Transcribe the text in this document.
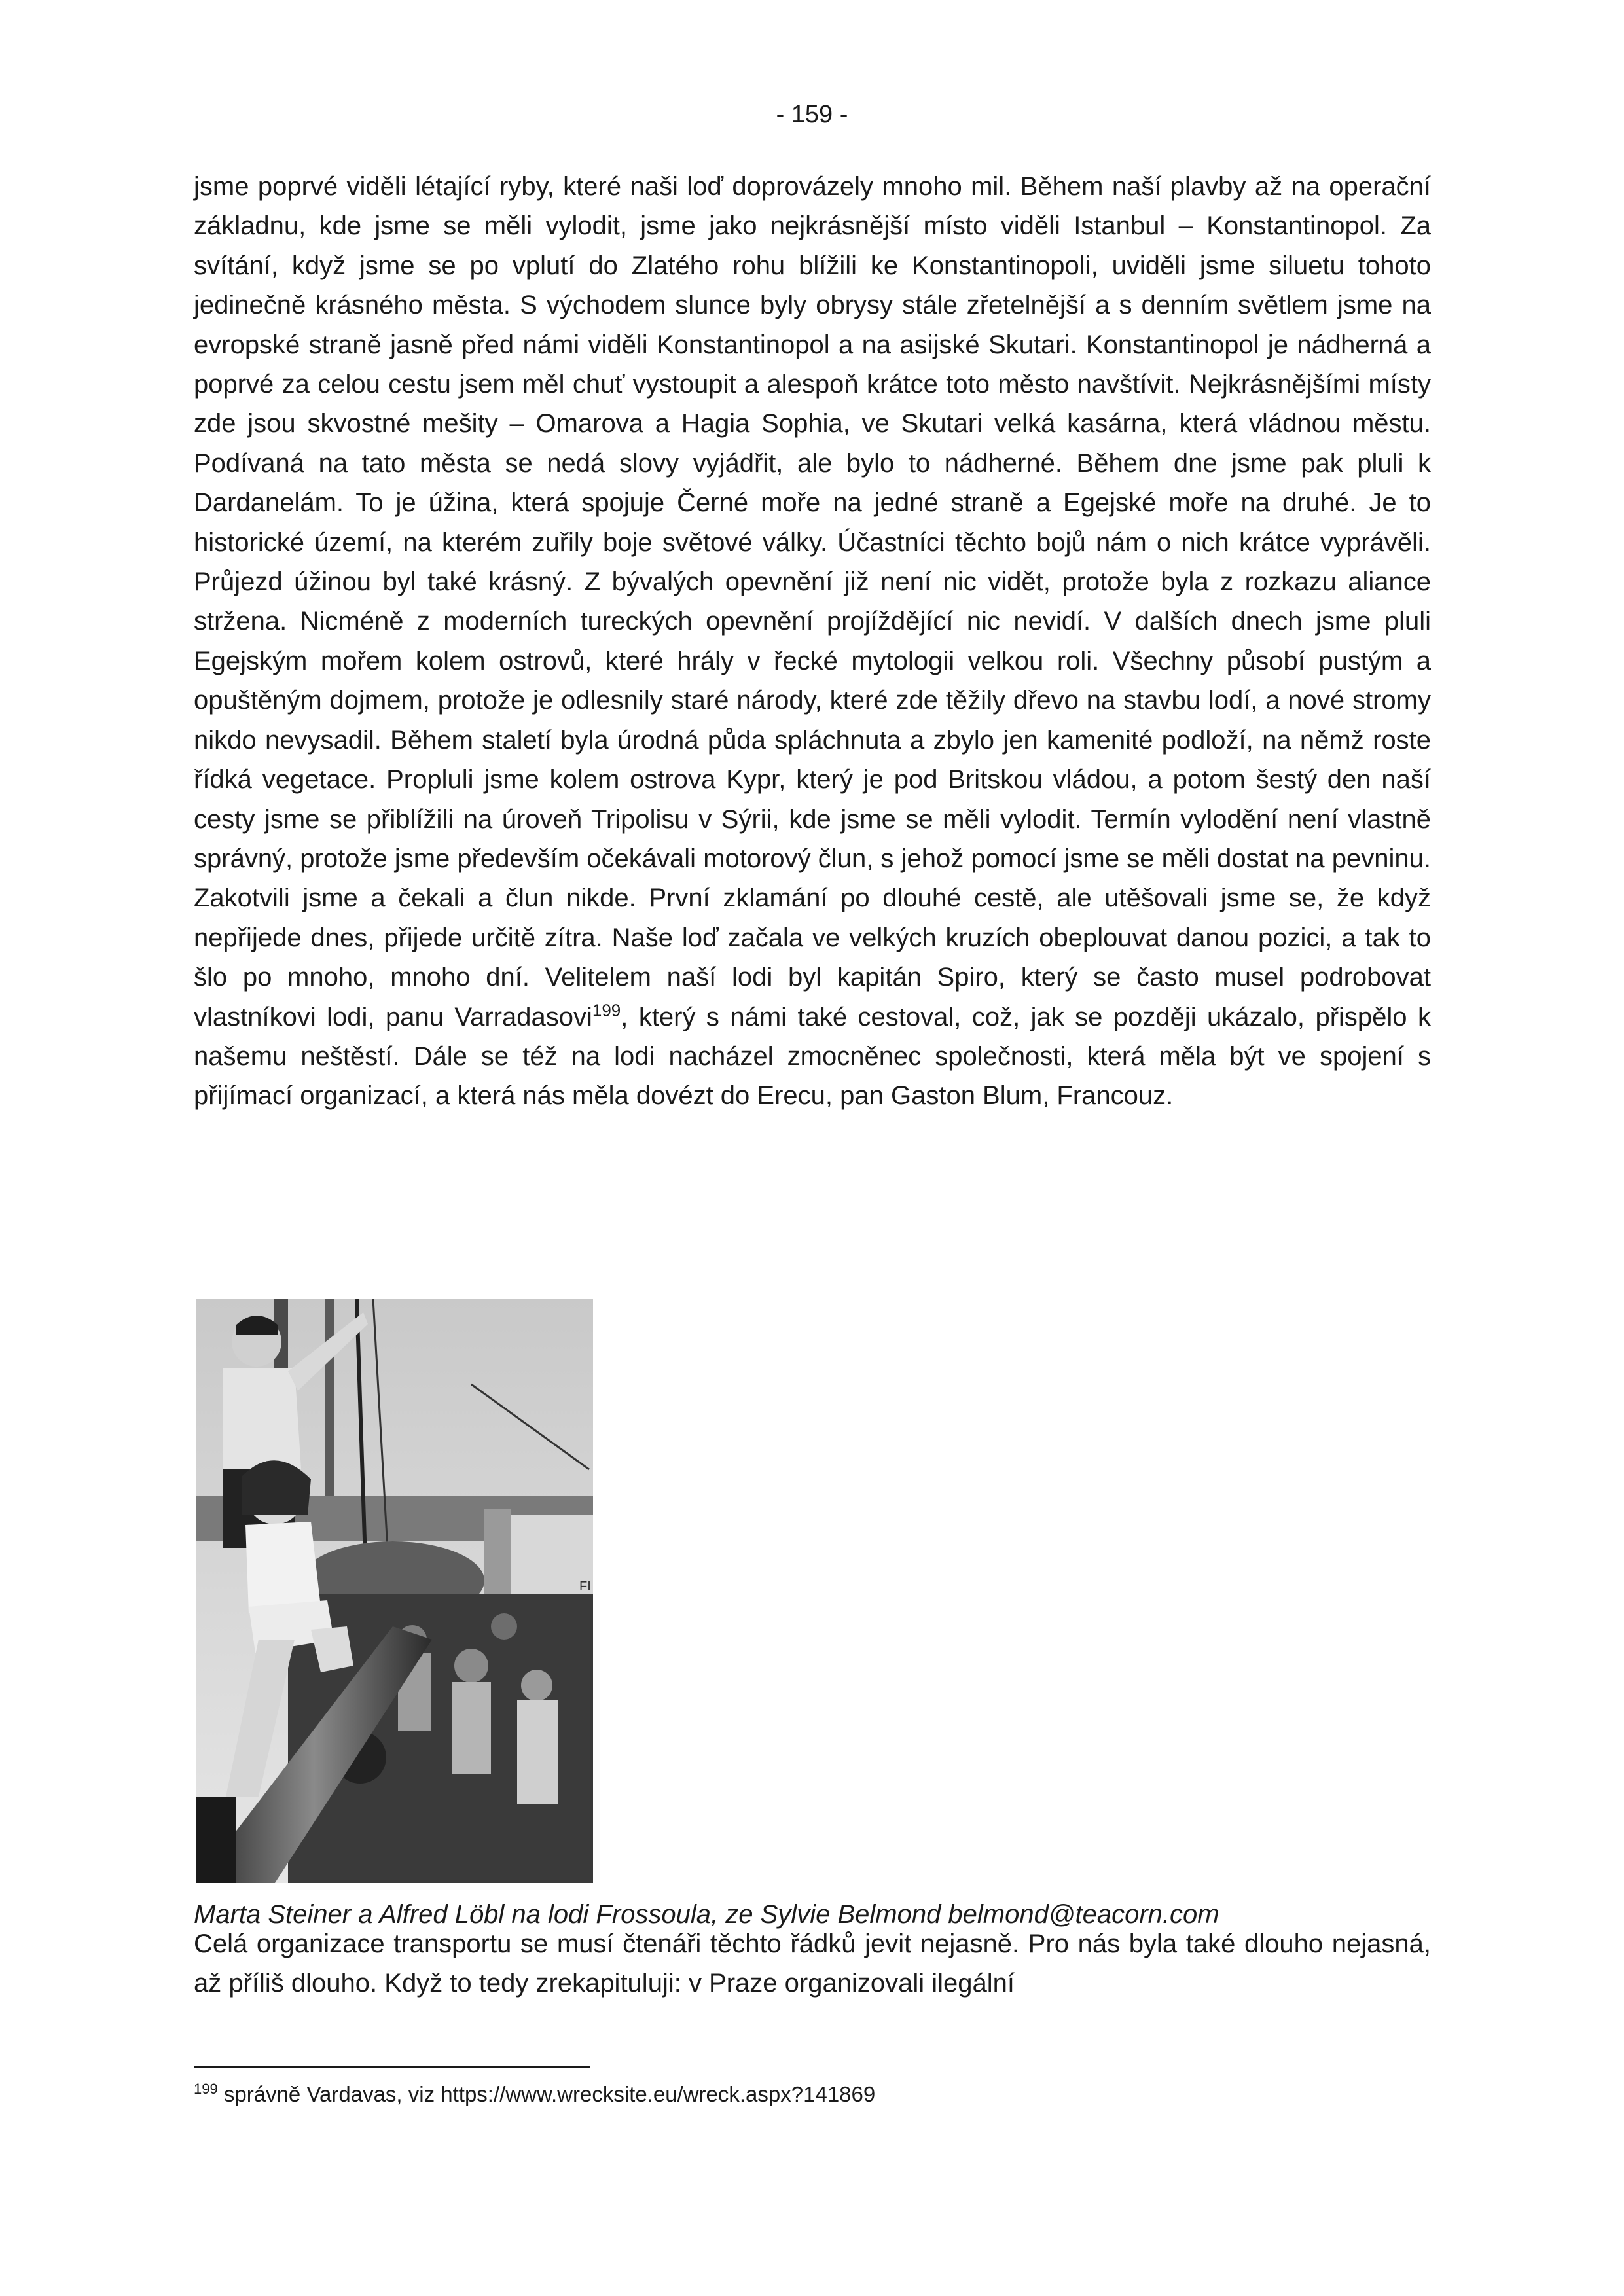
- 159 -

jsme poprvé viděli létající ryby, které naši loď doprovázely mnoho mil. Během naší plavby až na operační základnu, kde jsme se měli vylodit, jsme jako nejkrásnější místo viděli Istanbul – Konstantinopol. Za svítání, když jsme se po vplutí do Zlatého rohu blížili ke Konstantinopoli, uviděli jsme siluetu tohoto jedinečně krásného města. S východem slunce byly obrysy stále zřetelnější a s denním světlem jsme na evropské straně jasně před námi viděli Konstantinopol a na asijské Skutari. Konstantinopol je nádherná a poprvé za celou cestu jsem měl chuť vystoupit a alespoň krátce toto město navštívit. Nejkrásnějšími místy zde jsou skvostné mešity – Omarova a Hagia Sophia, ve Skutari velká kasárna, která vládnou městu. Podívaná na tato města se nedá slovy vyjádřit, ale bylo to nádherné. Během dne jsme pak pluli k Dardanelám. To je úžina, která spojuje Černé moře na jedné straně a Egejské moře na druhé. Je to historické území, na kterém zuřily boje světové války. Účastníci těchto bojů nám o nich krátce vyprávěli. Průjezd úžinou byl také krásný. Z bývalých opevnění již není nic vidět, protože byla z rozkazu aliance stržena. Nicméně z moderních tureckých opevnění projíždějící nic nevidí. V dalších dnech jsme pluli Egejským mořem kolem ostrovů, které hrály v řecké mytologii velkou roli. Všechny působí pustým a opuštěným dojmem, protože je odlesnily staré národy, které zde těžily dřevo na stavbu lodí, a nové stromy nikdo nevysadil. Během staletí byla úrodná půda spláchnuta a zbylo jen kamenité podloží, na němž roste řídká vegetace. Propluli jsme kolem ostrova Kypr, který je pod Britskou vládou, a potom šestý den naší cesty jsme se přiblížili na úroveň Tripolisu v Sýrii, kde jsme se měli vylodit. Termín vylodění není vlastně správný, protože jsme především očekávali motorový člun, s jehož pomocí jsme se měli dostat na pevninu. Zakotvili jsme a čekali a člun nikde. První zklamání po dlouhé cestě, ale utěšovali jsme se, že když nepřijede dnes, přijede určitě zítra. Naše loď začala ve velkých kruzích obeplouvat danou pozici, a tak to šlo po mnoho, mnoho dní. Velitelem naší lodi byl kapitán Spiro, který se často musel podrobovat vlastníkovi lodi, panu Varradasovi$^{199}$, který s námi také cestoval, což, jak se později ukázalo, přispělo k našemu neštěstí. Dále se též na lodi nacházel zmocněnec společnosti, která měla být ve spojení s přijímací organizací, a která nás měla dovézt do Erecu, pan Gaston Blum, Francouz.

FI

Marta Steiner a Alfred Löbl na lodi Frossoula, ze Sylvie Belmond belmond@teacorn.com

Celá organizace transportu se musí čtenáři těchto řádků jevit nejasně. Pro nás byla také dlouho nejasná, až příliš dlouho. Když to tedy zrekapituluji: v Praze organizovali ilegální

$^{199}$ správně Vardavas, viz https://www.wrecksite.eu/wreck.aspx?141869
